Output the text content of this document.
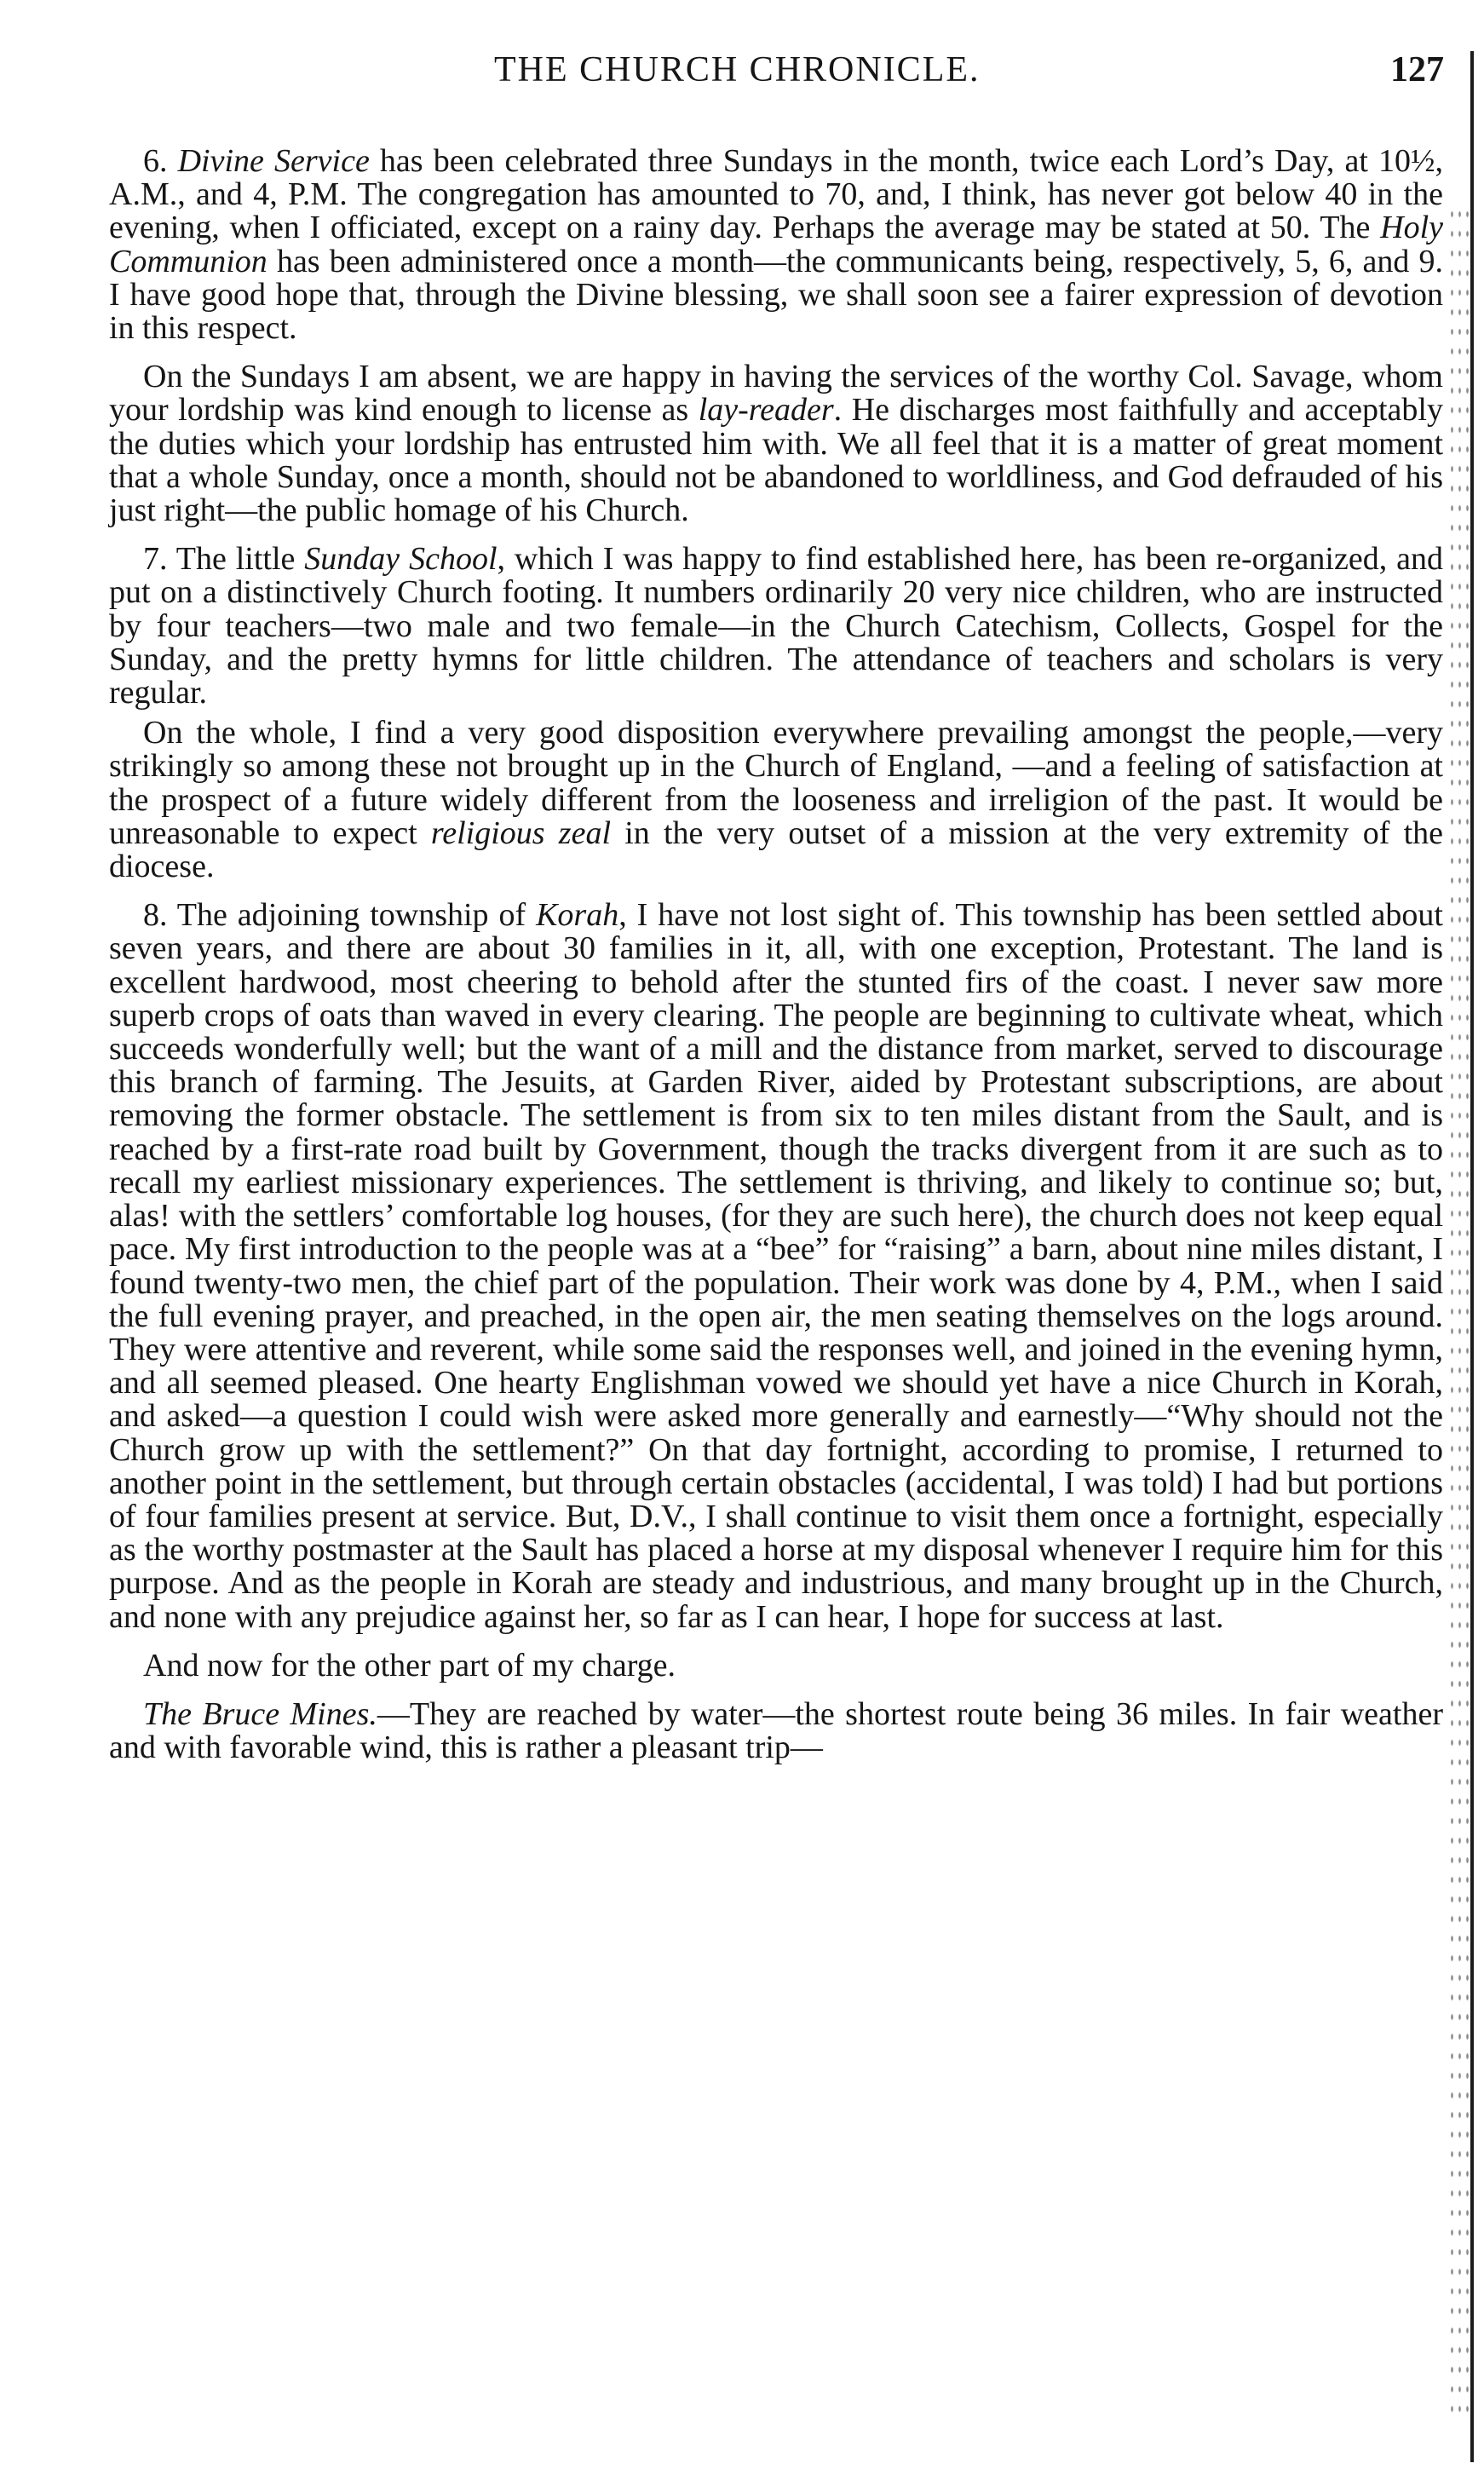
THE CHURCH CHRONICLE.	127

6. Divine Service has been celebrated three Sundays in the month, twice each Lord’s Day, at 10½, A.M., and 4, P.M. The congregation has amounted to 70, and, I think, has never got below 40 in the evening, when I officiated, except on a rainy day. Perhaps the average may be stated at 50. The Holy Communion has been administered once a month—the communicants being, respectively, 5, 6, and 9. I have good hope that, through the Divine blessing, we shall soon see a fairer expression of devotion in this respect.

On the Sundays I am absent, we are happy in having the services of the worthy Col. Savage, whom your lordship was kind enough to license as lay-reader. He discharges most faithfully and acceptably the duties which your lordship has entrusted him with. We all feel that it is a matter of great moment that a whole Sunday, once a month, should not be abandoned to worldliness, and God defrauded of his just right—the public homage of his Church.

7. The little Sunday School, which I was happy to find established here, has been re-organized, and put on a distinctively Church footing. It numbers ordinarily 20 very nice children, who are instructed by four teachers—two male and two female—in the Church Catechism, Collects, Gospel for the Sunday, and the pretty hymns for little children. The attendance of teachers and scholars is very regular.

On the whole, I find a very good disposition everywhere prevailing amongst the people,—very strikingly so among these not brought up in the Church of England, —and a feeling of satisfaction at the prospect of a future widely different from the looseness and irreligion of the past. It would be unreasonable to expect religious zeal in the very outset of a mission at the very extremity of the diocese.

8. The adjoining township of Korah, I have not lost sight of. This township has been settled about seven years, and there are about 30 families in it, all, with one exception, Protestant. The land is excellent hardwood, most cheering to behold after the stunted firs of the coast. I never saw more superb crops of oats than waved in every clearing. The people are beginning to cultivate wheat, which succeeds wonderfully well; but the want of a mill and the distance from market, served to discourage this branch of farming. The Jesuits, at Garden River, aided by Protestant subscriptions, are about removing the former obstacle. The settlement is from six to ten miles distant from the Sault, and is reached by a first-rate road built by Government, though the tracks divergent from it are such as to recall my earliest missionary experiences. The settlement is thriving, and likely to continue so; but, alas! with the settlers’ comfortable log houses, (for they are such here), the church does not keep equal pace. My first introduction to the people was at a “bee” for “raising” a barn, about nine miles distant, I found twenty-two men, the chief part of the population. Their work was done by 4, P.M., when I said the full evening prayer, and preached, in the open air, the men seating themselves on the logs around. They were attentive and reverent, while some said the responses well, and joined in the evening hymn, and all seemed pleased. One hearty Englishman vowed we should yet have a nice Church in Korah, and asked—a question I could wish were asked more generally and earnestly—“Why should not the Church grow up with the settlement?” On that day fortnight, according to promise, I returned to another point in the settlement, but through certain obstacles (accidental, I was told) I had but portions of four families present at service. But, D.V., I shall continue to visit them once a fortnight, especially as the worthy postmaster at the Sault has placed a horse at my disposal whenever I require him for this purpose. And as the people in Korah are steady and industrious, and many brought up in the Church, and none with any prejudice against her, so far as I can hear, I hope for success at last.

And now for the other part of my charge.

The Bruce Mines.—They are reached by water—the shortest route being 36 miles. In fair weather and with favorable wind, this is rather a pleasant trip—
